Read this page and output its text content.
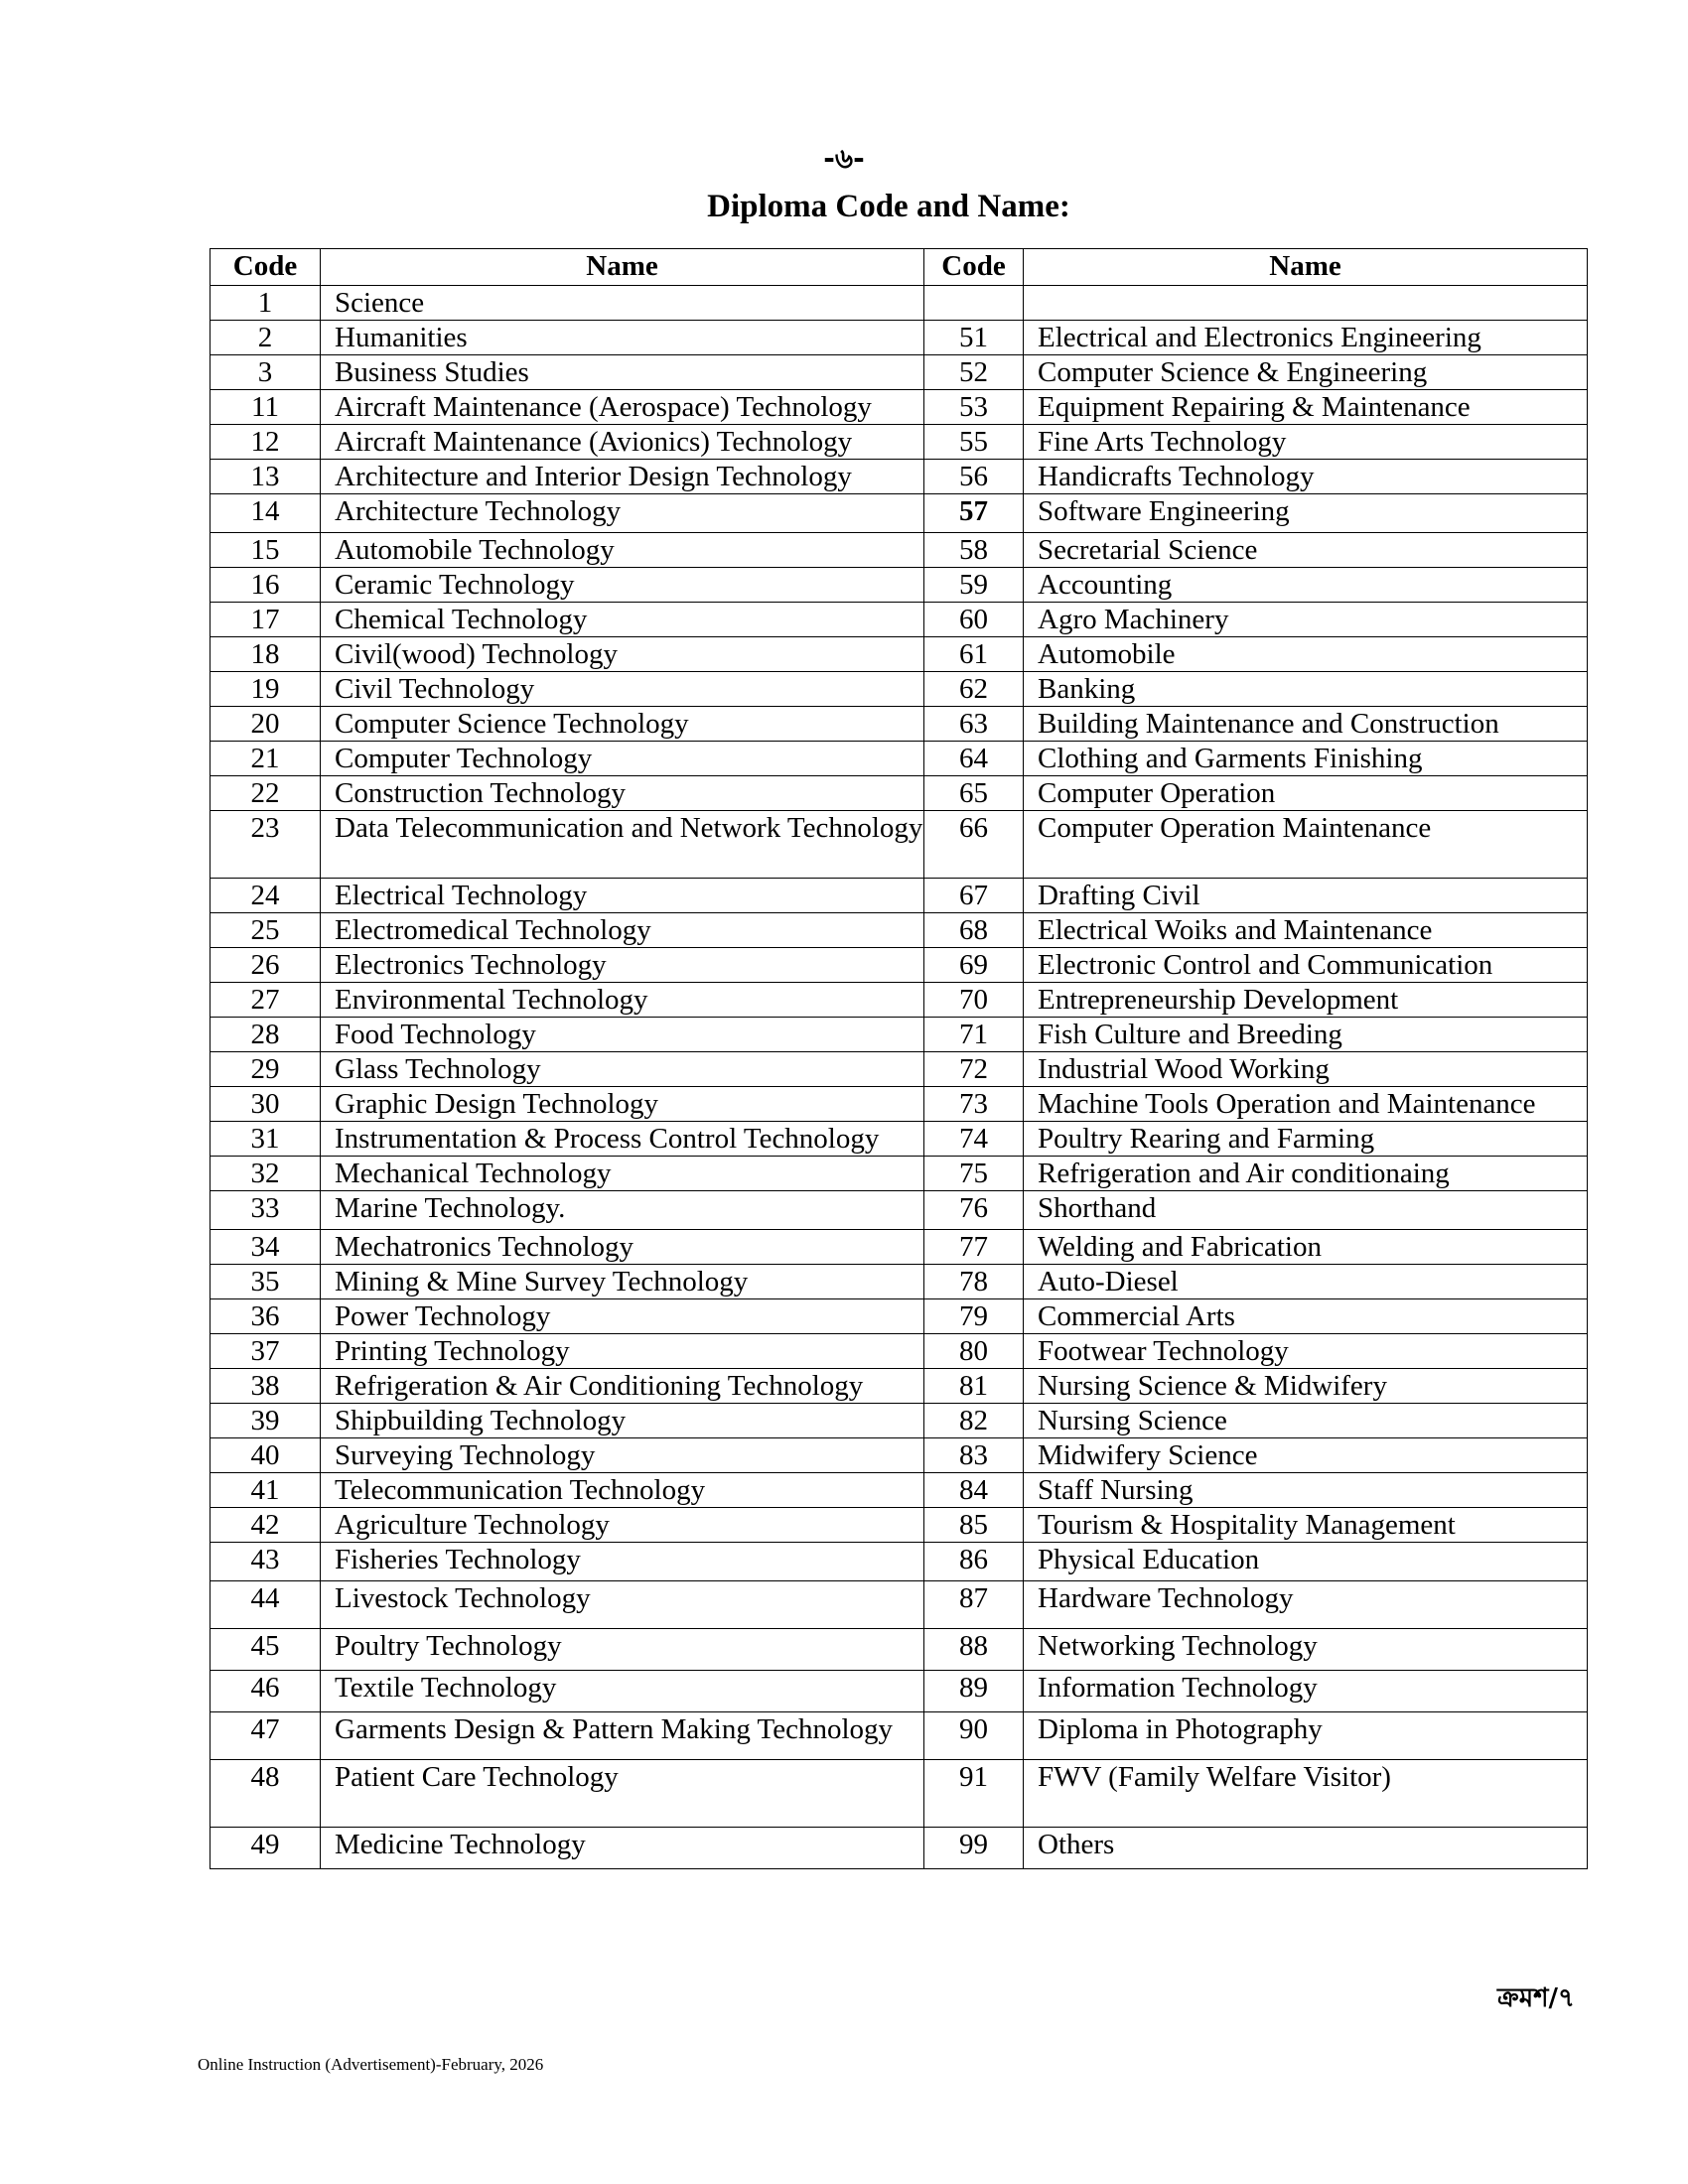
-৬-
Diploma Code and Name:
Code	Name	Code	Name
1	Science		
2	Humanities	51	Electrical and Electronics Engineering
3	Business Studies	52	Computer Science & Engineering
11	Aircraft Maintenance (Aerospace) Technology	53	Equipment Repairing & Maintenance
12	Aircraft Maintenance (Avionics) Technology	55	Fine Arts Technology
13	Architecture and Interior Design Technology	56	Handicrafts Technology
14	Architecture Technology	57	Software Engineering
15	Automobile Technology	58	Secretarial Science
16	Ceramic Technology	59	Accounting
17	Chemical Technology	60	Agro Machinery
18	Civil(wood) Technology	61	Automobile
19	Civil Technology	62	Banking
20	Computer Science Technology	63	Building Maintenance and Construction
21	Computer Technology	64	Clothing and Garments Finishing
22	Construction Technology	65	Computer Operation
23	Data Telecommunication and Network Technology	66	Computer Operation Maintenance
24	Electrical Technology	67	Drafting Civil
25	Electromedical Technology	68	Electrical Woiks and Maintenance
26	Electronics Technology	69	Electronic Control and Communication
27	Environmental Technology	70	Entrepreneurship Development
28	Food Technology	71	Fish Culture and Breeding
29	Glass Technology	72	Industrial Wood Working
30	Graphic Design Technology	73	Machine Tools Operation and Maintenance
31	Instrumentation & Process Control Technology	74	Poultry Rearing and Farming
32	Mechanical Technology	75	Refrigeration and Air conditionaing
33	Marine Technology.	76	Shorthand
34	Mechatronics Technology	77	Welding and Fabrication
35	Mining & Mine Survey Technology	78	Auto-Diesel
36	Power Technology	79	Commercial Arts
37	Printing Technology	80	Footwear Technology
38	Refrigeration & Air Conditioning Technology	81	Nursing Science & Midwifery
39	Shipbuilding Technology	82	Nursing Science
40	Surveying Technology	83	Midwifery Science
41	Telecommunication Technology	84	Staff Nursing
42	Agriculture Technology	85	Tourism & Hospitality Management
43	Fisheries Technology	86	Physical Education
44	Livestock Technology	87	Hardware Technology
45	Poultry Technology	88	Networking Technology
46	Textile Technology	89	Information Technology
47	Garments Design & Pattern Making Technology	90	Diploma in Photography
48	Patient Care Technology	91	FWV (Family Welfare Visitor)
49	Medicine Technology	99	Others
ক্রমশ/৭
Online Instruction (Advertisement)-February, 2026
